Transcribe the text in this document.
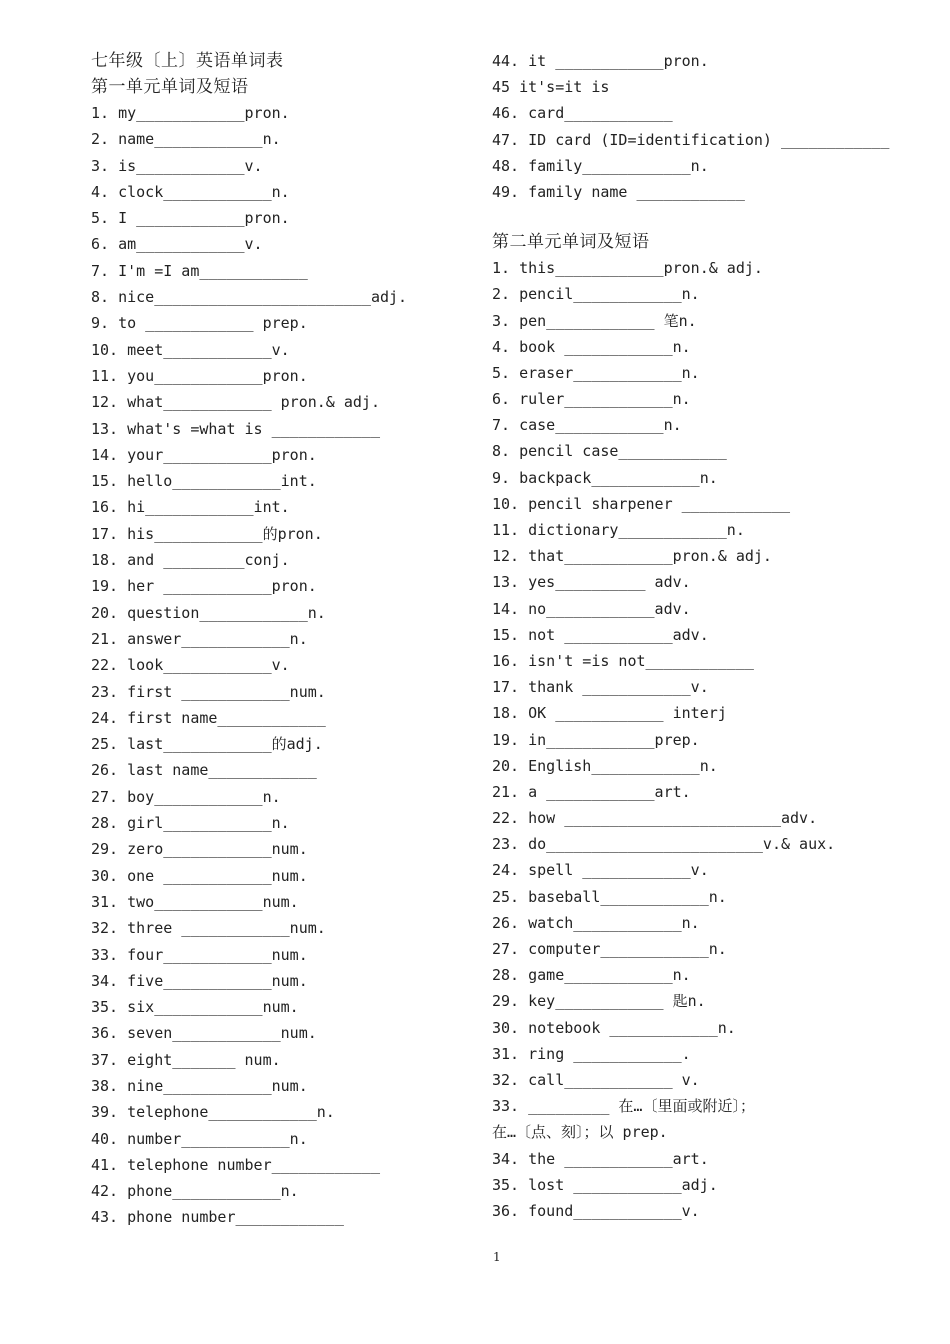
七年级〔上〕英语单词表
第一单元单词及短语
1. my____________pron.
2. name____________n.
3. is____________v.
4. clock____________n.
5. I ____________pron.
6. am____________v.
7. I'm =I am____________
8. nice________________________adj.
9. to ____________ prep.
10. meet____________v.
11. you____________pron.
12. what____________ pron.& adj.
13. what's =what is ____________
14. your____________pron.
15. hello____________int.
16. hi____________int.
17. his____________的pron.
18. and _________conj.
19. her ____________pron.
20. question____________n.
21. answer____________n.
22. look____________v.
23. first ____________num.
24. first name____________
25. last____________的adj.
26. last name____________
27. boy____________n.
28. girl____________n.
29. zero____________num.
30. one ____________num.
31. two____________num.
32. three ____________num.
33. four____________num.
34. five____________num.
35. six____________num.
36. seven____________num.
37. eight_______ num.
38. nine____________num.
39. telephone____________n.
40. number____________n.
41. telephone number____________
42. phone____________n.
43. phone number____________
44. it ____________pron.
45 it's=it is
46. card____________
47. ID card (ID=identification) ____________
48. family____________n.
49. family name ____________
第二单元单词及短语
1. this____________pron.& adj.
2. pencil____________n.
3. pen____________ 笔n.
4. book ____________n.
5. eraser____________n.
6. ruler____________n.
7. case____________n.
8. pencil case____________
9. backpack____________n.
10. pencil sharpener ____________
11. dictionary____________n.
12. that____________pron.& adj.
13. yes__________ adv.
14. no____________adv.
15. not ____________adv.
16. isn't =is not____________
17. thank ____________v.
18. OK ____________ interj
19. in____________prep.
20. English____________n.
21. a ____________art.
22. how ________________________adv.
23. do________________________v.& aux.
24. spell ____________v.
25. baseball____________n.
26. watch____________n.
27. computer____________n.
28. game____________n.
29. key____________ 匙n.
30. notebook ____________n.
31. ring ____________.
32. call____________ v.
33. _________ 在…〔里面或附近〕；
在…〔点、刻〕；以 prep.
34. the ____________art.
35. lost ____________adj.
36. found____________v.
1
